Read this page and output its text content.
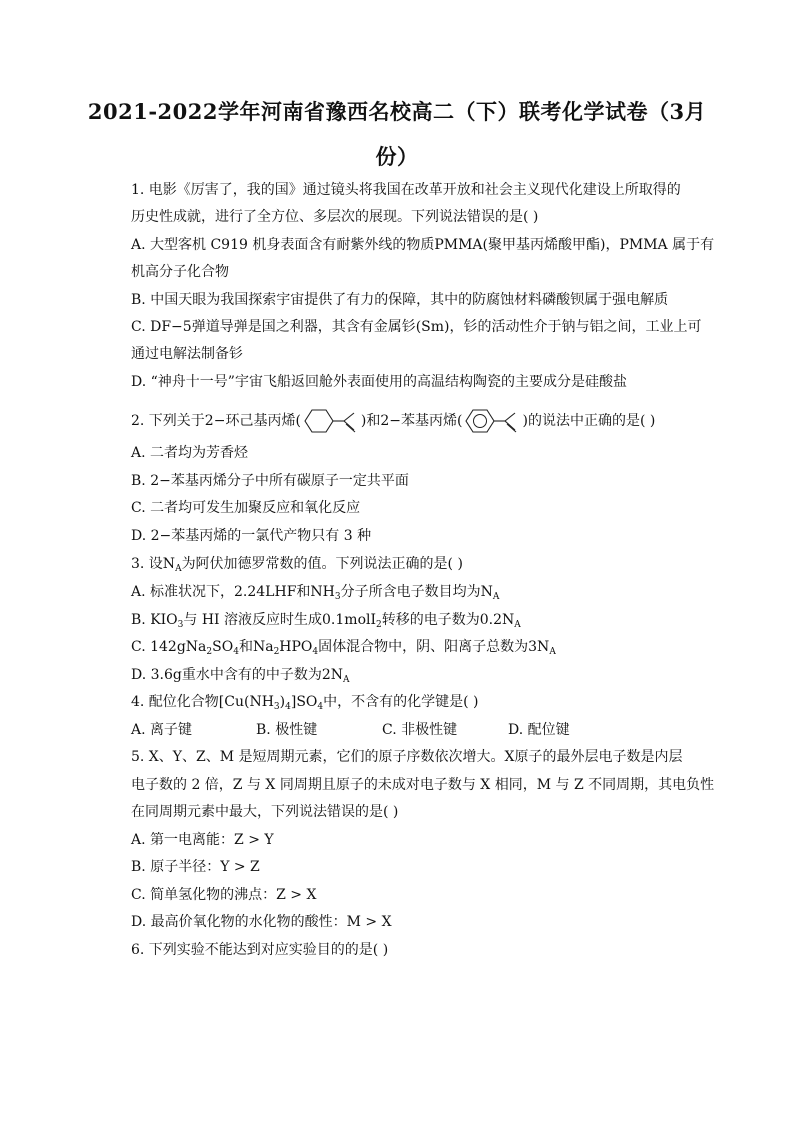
2021-2022学年河南省豫西名校高二（下）联考化学试卷（3月
份）
1. 电影《厉害了，我的国》通过镜头将我国在改革开放和社会主义现代化建设上所取得的
历史性成就，进行了全方位、多层次的展现。下列说法错误的是( )
A. 大型客机 C919 机身表面含有耐紫外线的物质PMMA(聚甲基丙烯酸甲酯)，PMMA 属于有
机高分子化合物
B. 中国天眼为我国探索宇宙提供了有力的保障，其中的防腐蚀材料磷酸钡属于强电解质
C. DF−5弹道导弹是国之利器，其含有金属钐(Sm)，钐的活动性介于钠与铝之间，工业上可
通过电解法制备钐
D. “神舟十一号”宇宙飞船返回舱外表面使用的高温结构陶瓷的主要成分是硅酸盐
2. 下列关于2−环己基丙烯(	)和2−苯基丙烯(	)的说法中正确的是( )
A. 二者均为芳香烃
B. 2−苯基丙烯分子中所有碳原子一定共平面
C. 二者均可发生加聚反应和氧化反应
D. 2−苯基丙烯的一氯代产物只有 3 种
3. 设$N_A$为阿伏加德罗常数的值。下列说法正确的是( )
A. 标准状况下，2.24LHF和$NH_3$分子所含电子数目均为$N_A$
B. $KIO_3$与 HI 溶液反应时生成0.1molI$_2$转移的电子数为$0.2N_A$
C. $142gNa_2SO_4$和$Na_2HPO_4$固体混合物中，阴、阳离子总数为$3N_A$
D. 3.6g重水中含有的中子数为$2N_A$
4. 配位化合物$[Cu(NH_3)_4]SO_4$中，不含有的化学键是( )
A. 离子键	B. 极性键	C. 非极性键	D. 配位键
5. X、Y、Z、M 是短周期元素，它们的原子序数依次增大。X原子的最外层电子数是内层
电子数的 2 倍，Z 与 X 同周期且原子的未成对电子数与 X 相同，M 与 Z 不同周期，其电负性
在同周期元素中最大，下列说法错误的是( )
A. 第一电离能：Z > Y
B. 原子半径：Y > Z
C. 简单氢化物的沸点：Z > X
D. 最高价氧化物的水化物的酸性：M > X
6. 下列实验不能达到对应实验目的的是( )
